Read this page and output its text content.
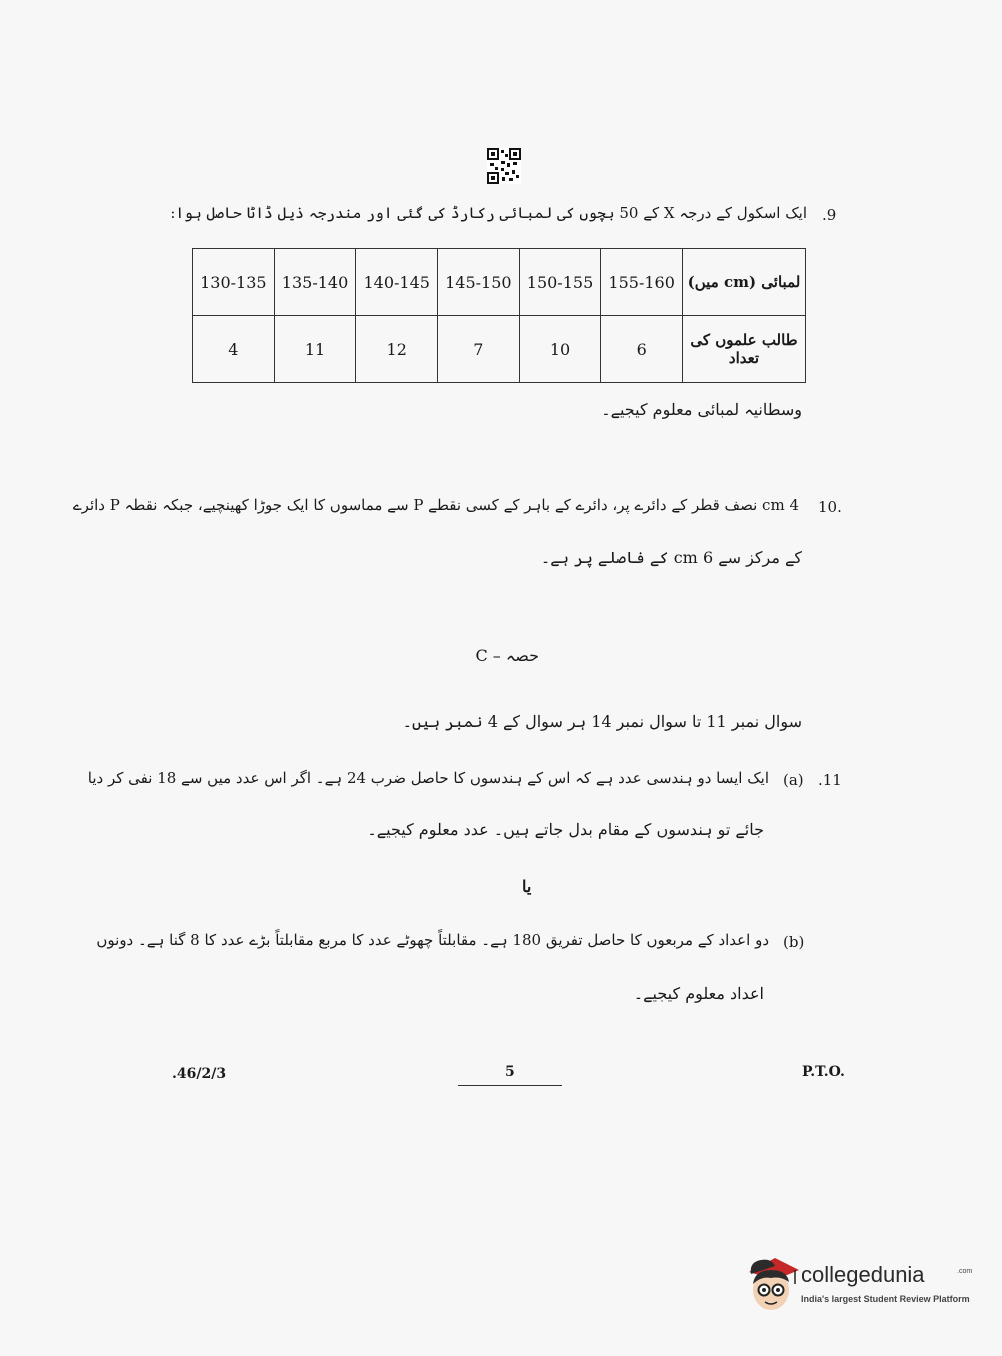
.9
ایک اسکول کے درجہ X کے 50 بچوں کی لمبائی رکارڈ کی گئی اور مندرجہ ذیل ڈاٹا حاصل ہوا:
لمبائی (cm میں)	155-160	150-155	145-150	140-145	135-140	130-135
طالب علموں کی تعداد	6	10	7	12	11	4
وسطانیہ لمبائی معلوم کیجیے۔
10.
4 cm نصف قطر کے دائرے پر، دائرے کے باہر کے کسی نقطے P سے مماسوں کا ایک جوڑا کھینچیے، جبکہ نقطہ P دائرے
کے مرکز سے 6 cm کے فاصلے پر ہے۔
حصہ – C
سوال نمبر 11 تا سوال نمبر 14 ہر سوال کے 4 نمبر ہیں۔
.11
(a)
ایک ایسا دو ہندسی عدد ہے کہ اس کے ہندسوں کا حاصل ضرب 24 ہے۔ اگر اس عدد میں سے 18 نفی کر دیا
جائے تو ہندسوں کے مقام بدل جاتے ہیں۔ عدد معلوم کیجیے۔
یا
(b)
دو اعداد کے مربعوں کا حاصل تفریق 180 ہے۔ مقابلتاً چھوٹے عدد کا مربع مقابلتاً بڑے عدد کا 8 گنا ہے۔ دونوں
اعداد معلوم کیجیے۔
.46/2/3	5	P.T.O.
collegedunia	.com
India's largest Student Review Platform
